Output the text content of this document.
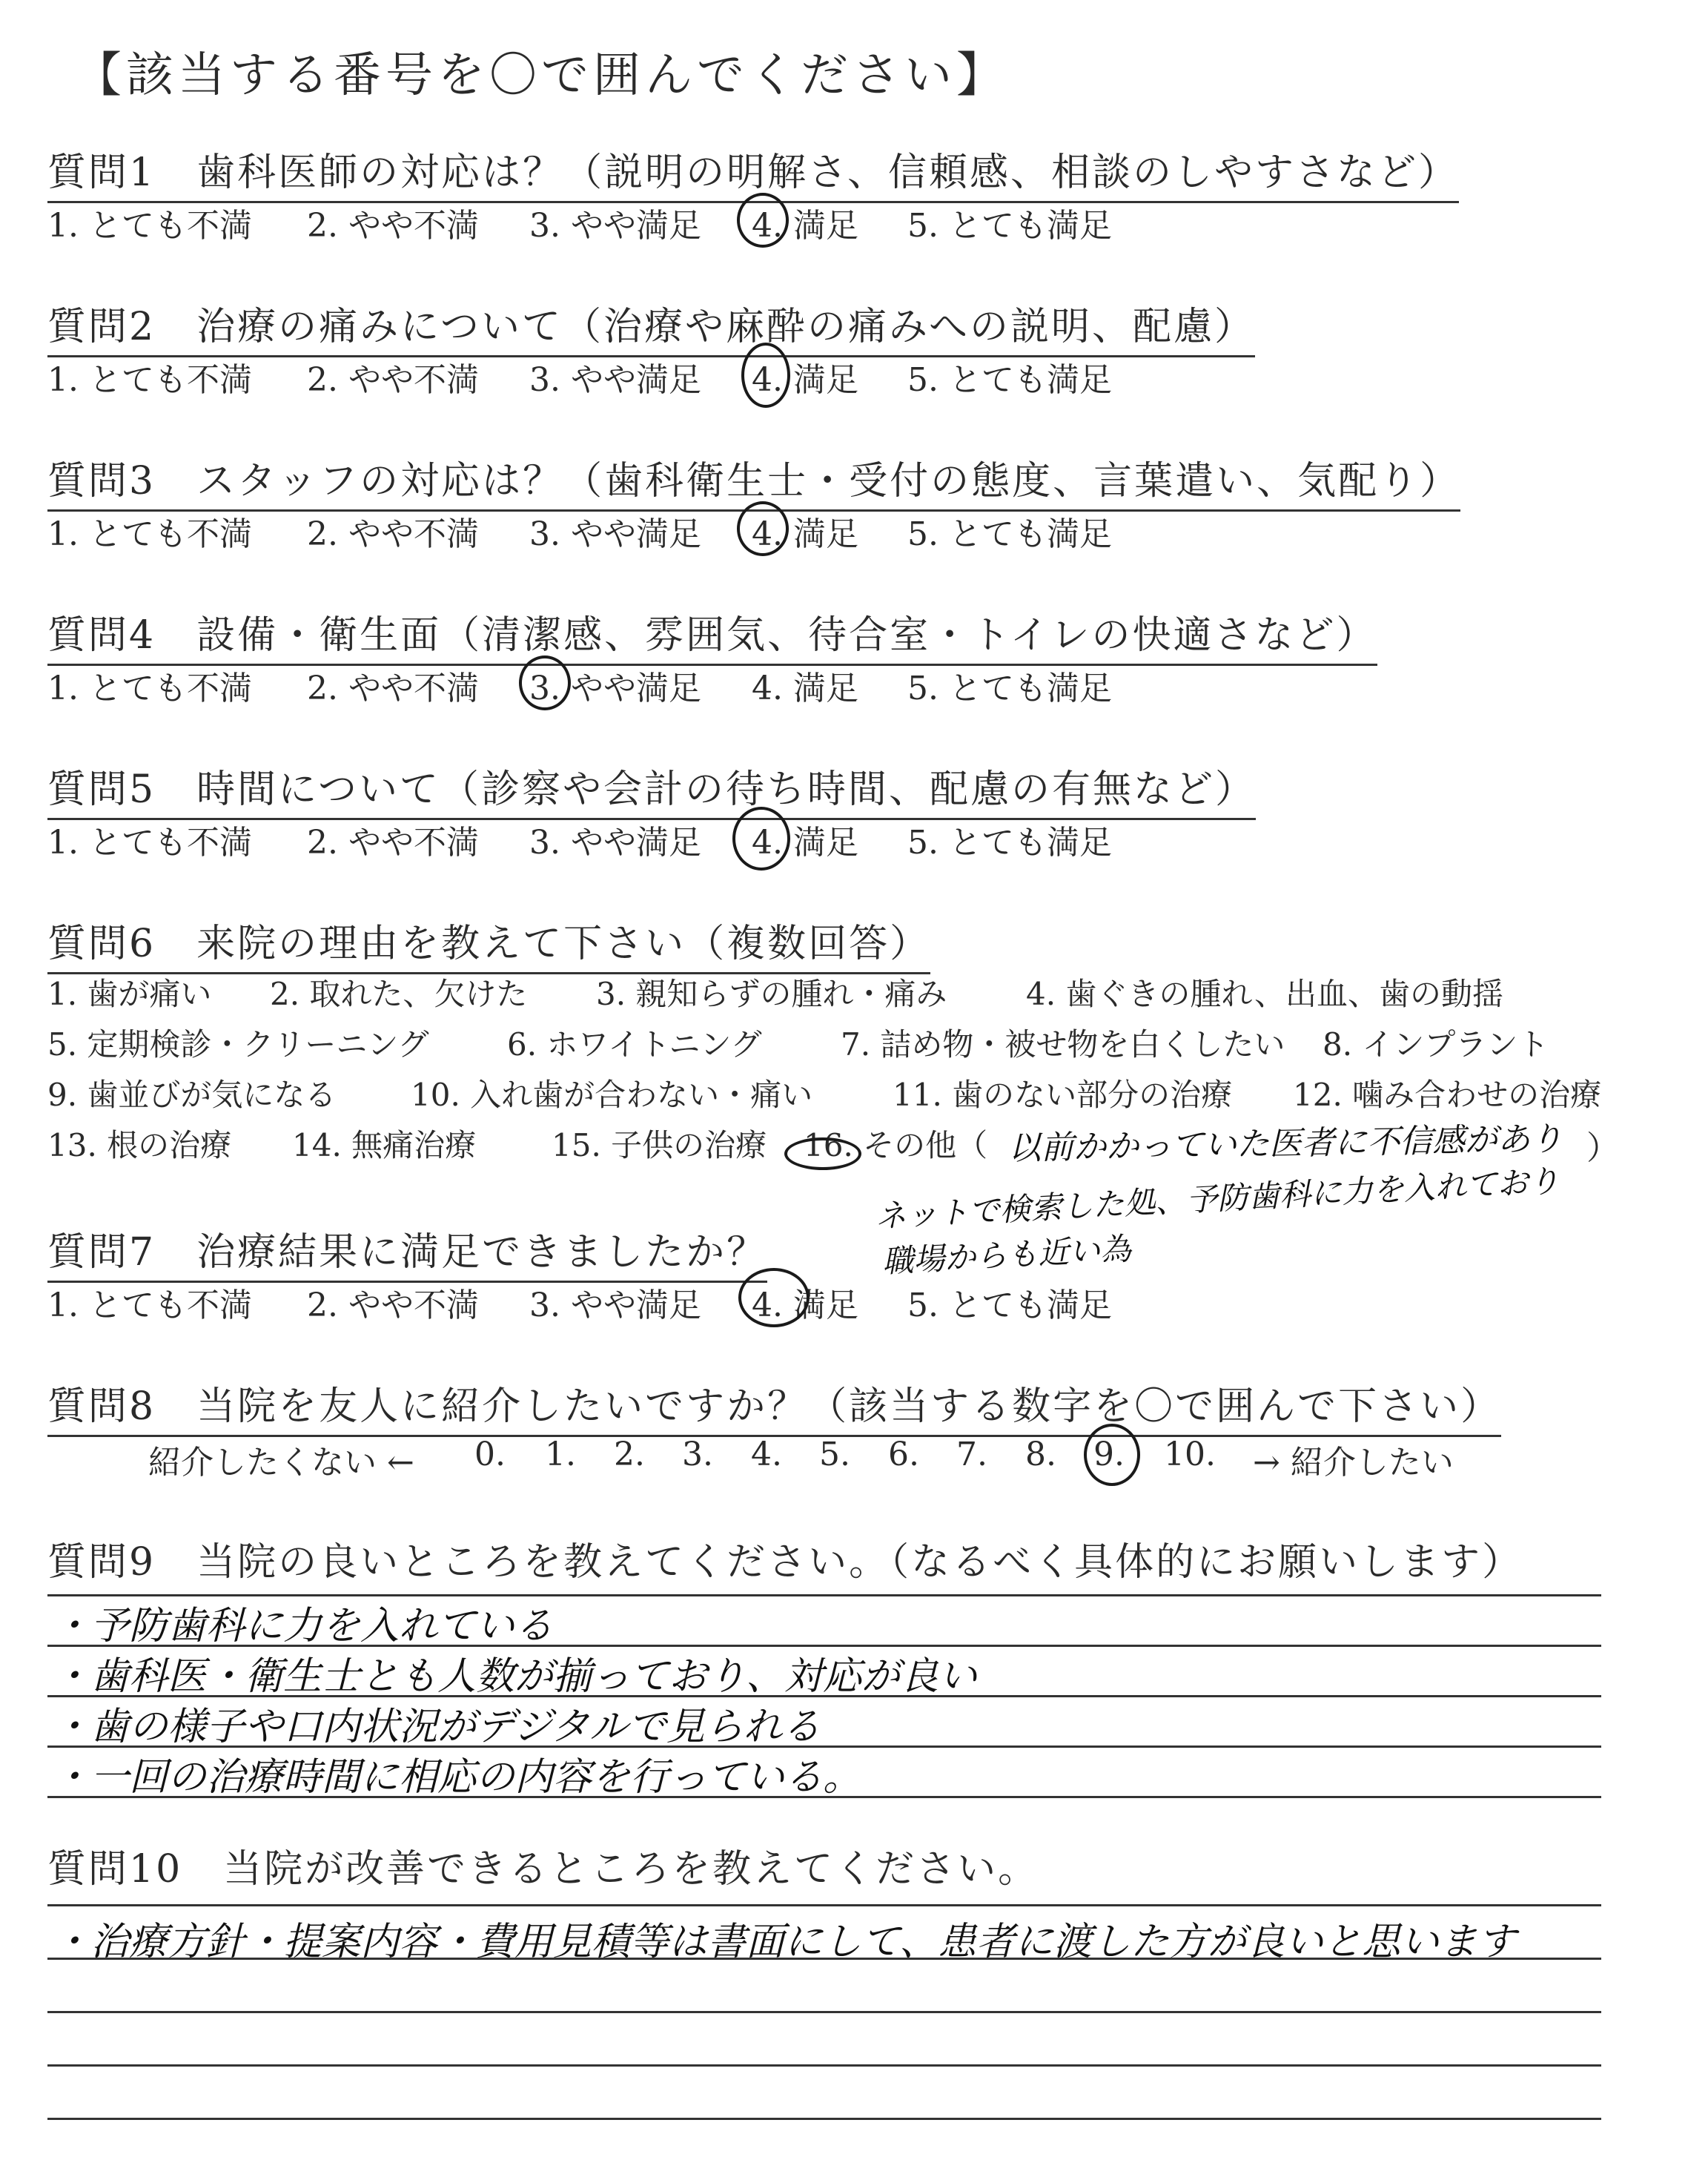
【該当する番号を〇で囲んでください】
質問1　歯科医師の対応は？（説明の明解さ、信頼感、相談のしやすさなど）
1. とても不満 2. やや不満 3. やや満足 4. 満足 5. とても満足
質問2　治療の痛みについて（治療や麻酔の痛みへの説明、配慮）
1. とても不満 2. やや不満 3. やや満足 4. 満足 5. とても満足
質問3　スタッフの対応は？（歯科衛生士・受付の態度、言葉遣い、気配り）
1. とても不満 2. やや不満 3. やや満足 4. 満足 5. とても満足
質問4　設備・衛生面（清潔感、雰囲気、待合室・トイレの快適さなど）
1. とても不満 2. やや不満 3. やや満足 4. 満足 5. とても満足
質問5　時間について（診察や会計の待ち時間、配慮の有無など）
1. とても不満 2. やや不満 3. やや満足 4. 満足 5. とても満足
質問6　来院の理由を教えて下さい（複数回答）
1. 歯が痛い 2. 取れた、欠けた 3. 親知らずの腫れ・痛み	4. 歯ぐきの腫れ、出血、歯の動揺
5. 定期検診・クリーニング	6. ホワイトニング	7. 詰め物・被せ物を白くしたい 8. インプラント
9. 歯並びが気になる 10. 入れ歯が合わない・痛い	11. 歯のない部分の治療 12. 噛み合わせの治療
13. 根の治療 14. 無痛治療 15. 子供の治療 16. その他（	）
以前かかっていた医者に不信感があり
ネットで検索した処、予防歯科に力を入れており
職場からも近い為
質問7　治療結果に満足できましたか？
1. とても不満 2. やや不満 3. やや満足 4. 満足 5. とても満足
質問8　当院を友人に紹介したいですか？（該当する数字を〇で囲んで下さい）
紹介したくない ← 0. 1. 2. 3. 4. 5. 6. 7. 8. 9. 10. → 紹介したい
質問9　当院の良いところを教えてください。（なるべく具体的にお願いします）
・予防歯科に力を入れている
・歯科医・衛生士とも人数が揃っており、対応が良い
・歯の様子や口内状況がデジタルで見られる
・一回の治療時間に相応の内容を行っている。
質問10　当院が改善できるところを教えてください。
・治療方針・提案内容・費用見積等は書面にして、患者に渡した方が良いと思います
